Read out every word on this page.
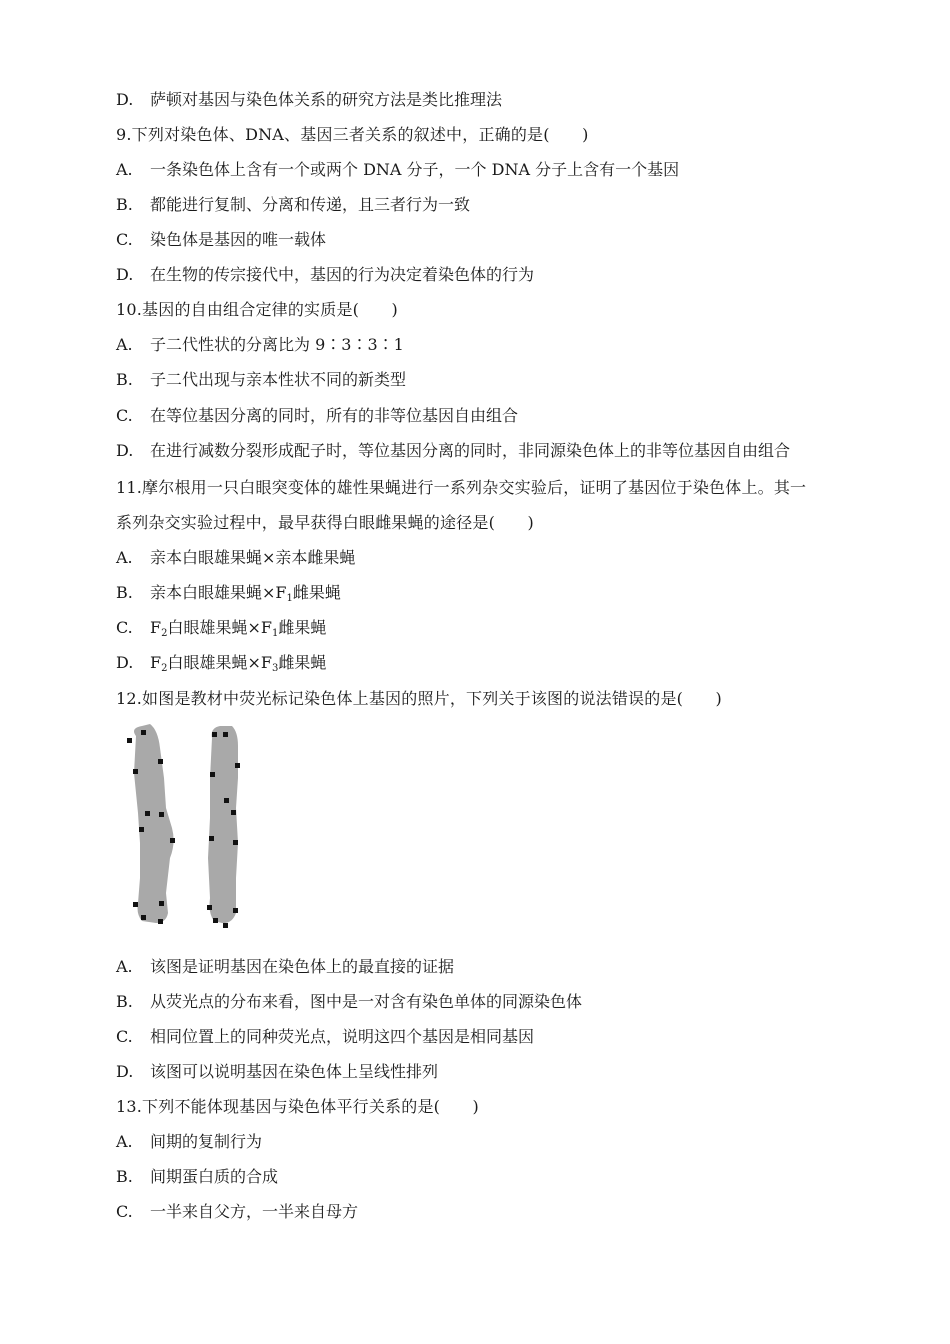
D. 萨顿对基因与染色体关系的研究方法是类比推理法
9.下列对染色体、DNA、基因三者关系的叙述中，正确的是(　　)
A. 一条染色体上含有一个或两个 DNA 分子，一个 DNA 分子上含有一个基因
B. 都能进行复制、分离和传递，且三者行为一致
C. 染色体是基因的唯一载体
D. 在生物的传宗接代中，基因的行为决定着染色体的行为
10.基因的自由组合定律的实质是(　　)
A. 子二代性状的分离比为 9∶3∶3∶1
B. 子二代出现与亲本性状不同的新类型
C. 在等位基因分离的同时，所有的非等位基因自由组合
D. 在进行减数分裂形成配子时，等位基因分离的同时，非同源染色体上的非等位基因自由组合
11.摩尔根用一只白眼突变体的雄性果蝇进行一系列杂交实验后，证明了基因位于染色体上。其一
系列杂交实验过程中，最早获得白眼雌果蝇的途径是(　　)
A. 亲本白眼雄果蝇×亲本雌果蝇
B. 亲本白眼雄果蝇$\times F_1$雌果蝇
C. $F_2$白眼雄果蝇$\times F_1$雌果蝇
D. $F_2$白眼雄果蝇$\times F_3$雌果蝇
12.如图是教材中荧光标记染色体上基因的照片，下列关于该图的说法错误的是(　　)
A. 该图是证明基因在染色体上的最直接的证据
B. 从荧光点的分布来看，图中是一对含有染色单体的同源染色体
C. 相同位置上的同种荧光点，说明这四个基因是相同基因
D. 该图可以说明基因在染色体上呈线性排列
13.下列不能体现基因与染色体平行关系的是(　　)
A. 间期的复制行为
B. 间期蛋白质的合成
C. 一半来自父方，一半来自母方
